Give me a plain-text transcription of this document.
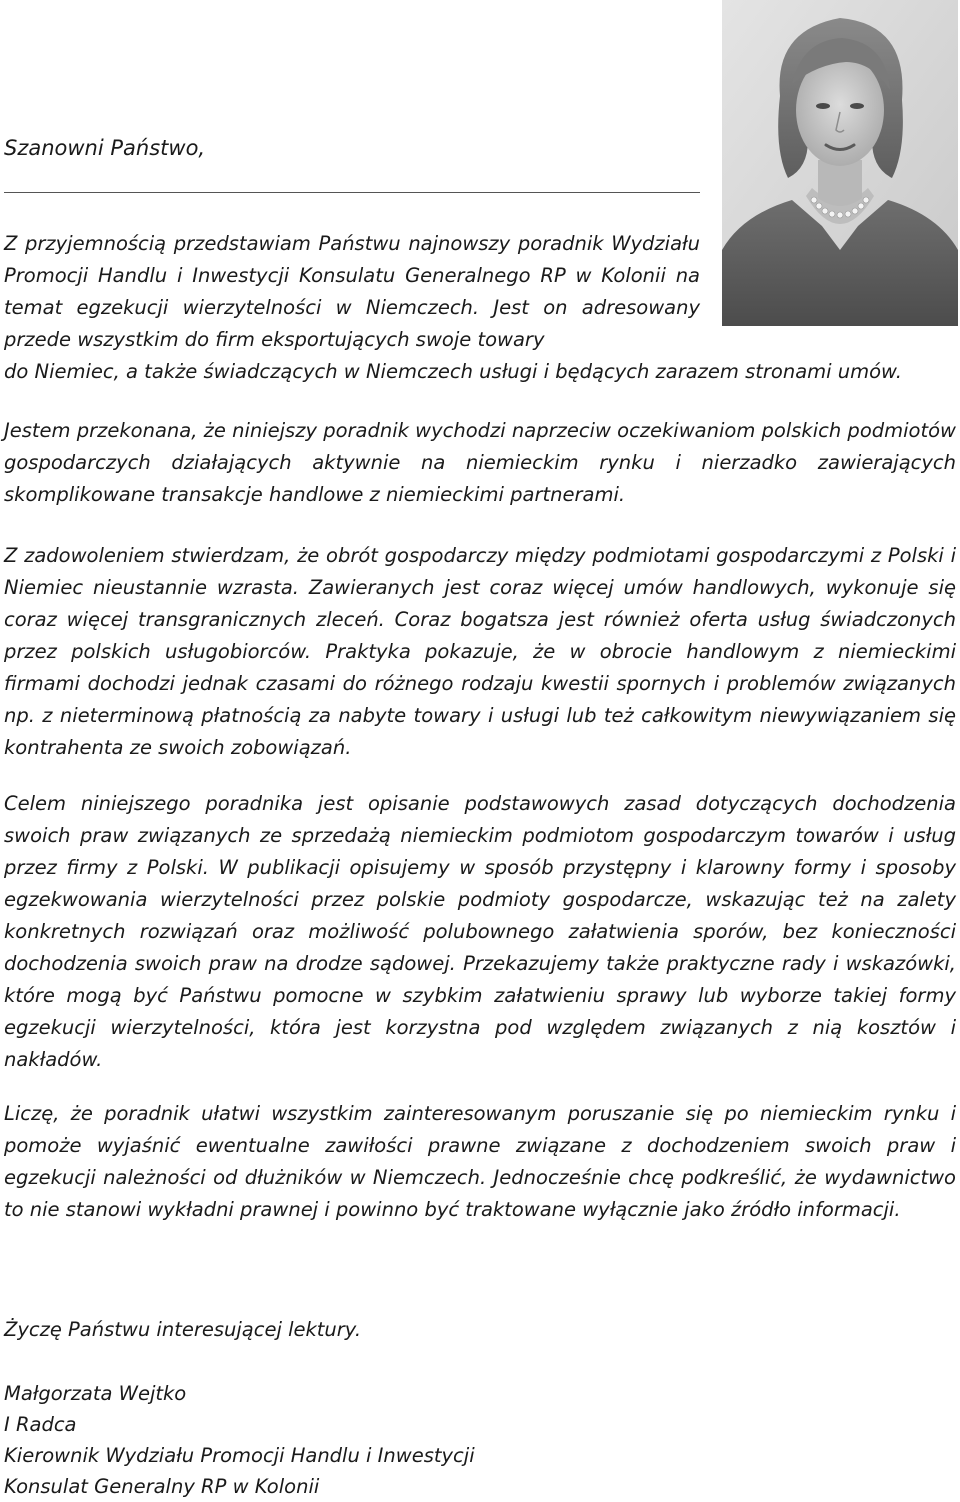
Szanowni Państwo,
Z przyjemnością przedstawiam Państwu najnowszy poradnik Wydziału Promocji Handlu i Inwestycji Konsulatu Generalnego RP w Kolonii na temat egzekucji wierzytelności w Niemczech. Jest on adresowany przede wszystkim do firm eksportujących swoje towary
do Niemiec, a także świadczących w Niemczech usługi i będących zarazem stronami umów.
Jestem przekonana, że niniejszy poradnik wychodzi naprzeciw oczekiwaniom polskich podmiotów gospodarczych działających aktywnie na niemieckim rynku i nierzadko zawierających skomplikowane transakcje handlowe z niemieckimi partnerami.
Z zadowoleniem stwierdzam, że obrót gospodarczy między podmiotami gospodarczymi z Polski i Niemiec nieustannie wzrasta. Zawieranych jest coraz więcej umów handlowych, wykonuje się coraz więcej transgranicznych zleceń. Coraz bogatsza jest również oferta usług świadczonych przez polskich usługobiorców. Praktyka pokazuje, że w obrocie handlowym z niemieckimi firmami dochodzi jednak czasami do różnego rodzaju kwestii spornych i problemów związanych np. z nieterminową płatnością za nabyte towary i usługi lub też całkowitym niewywiązaniem się kontrahenta ze swoich zobowiązań.
Celem niniejszego poradnika jest opisanie podstawowych zasad dotyczących dochodzenia swoich praw związanych ze sprzedażą niemieckim podmiotom gospodarczym towarów i usług przez firmy z Polski. W publikacji opisujemy w sposób przystępny i klarowny formy i sposoby egzekwowania wierzytelności przez polskie podmioty gospodarcze, wskazując też na zalety konkretnych rozwiązań oraz możliwość polubownego załatwienia sporów, bez konieczności dochodzenia swoich praw na drodze sądowej. Przekazujemy także praktyczne rady i wskazówki, które mogą być Państwu pomocne w szybkim załatwieniu sprawy lub wyborze takiej formy egzekucji wierzytelności, która jest korzystna pod względem związanych z nią kosztów i nakładów.
Liczę, że poradnik ułatwi wszystkim zainteresowanym poruszanie się po niemieckim rynku i pomoże wyjaśnić ewentualne zawiłości prawne związane z dochodzeniem swoich praw i egzekucji należności od dłużników w Niemczech. Jednocześnie chcę podkreślić, że wydawnictwo to nie stanowi wykładni prawnej i powinno być traktowane wyłącznie jako źródło informacji.
Życzę Państwu interesującej lektury.
Małgorzata Wejtko
I Radca
Kierownik Wydziału Promocji Handlu i Inwestycji
Konsulat Generalny RP w Kolonii
